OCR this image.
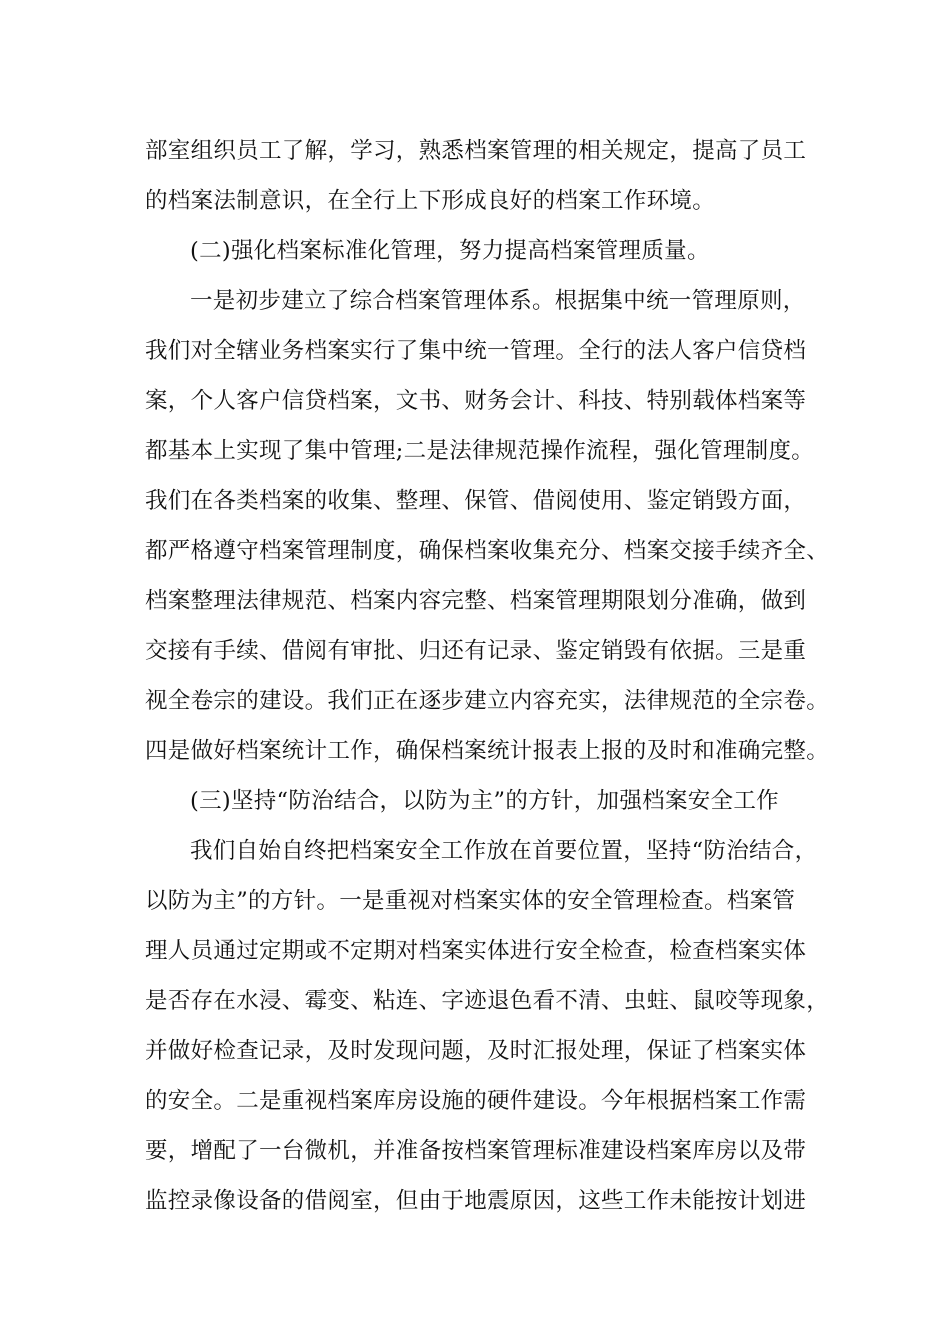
部室组织员工了解，学习，熟悉档案管理的相关规定，提高了员工
的档案法制意识，在全行上下形成良好的档案工作环境。
(二)强化档案标准化管理，努力提高档案管理质量。
一是初步建立了综合档案管理体系。根据集中统一管理原则，
我们对全辖业务档案实行了集中统一管理。全行的法人客户信贷档
案，个人客户信贷档案，文书、财务会计、科技、特别载体档案等
都基本上实现了集中管理;二是法律规范操作流程，强化管理制度。
我们在各类档案的收集、整理、保管、借阅使用、鉴定销毁方面，
都严格遵守档案管理制度，确保档案收集充分、档案交接手续齐全、
档案整理法律规范、档案内容完整、档案管理期限划分准确，做到
交接有手续、借阅有审批、归还有记录、鉴定销毁有依据。三是重
视全卷宗的建设。我们正在逐步建立内容充实，法律规范的全宗卷。
四是做好档案统计工作，确保档案统计报表上报的及时和准确完整。
(三)坚持“防治结合，以防为主”的方针，加强档案安全工作
我们自始自终把档案安全工作放在首要位置，坚持“防治结合，
以防为主”的方针。一是重视对档案实体的安全管理检查。档案管
理人员通过定期或不定期对档案实体进行安全检查，检查档案实体
是否存在水浸、霉变、粘连、字迹退色看不清、虫蛀、鼠咬等现象，
并做好检查记录，及时发现问题，及时汇报处理，保证了档案实体
的安全。二是重视档案库房设施的硬件建设。今年根据档案工作需
要，增配了一台微机，并准备按档案管理标准建设档案库房以及带
监控录像设备的借阅室，但由于地震原因，这些工作未能按计划进
